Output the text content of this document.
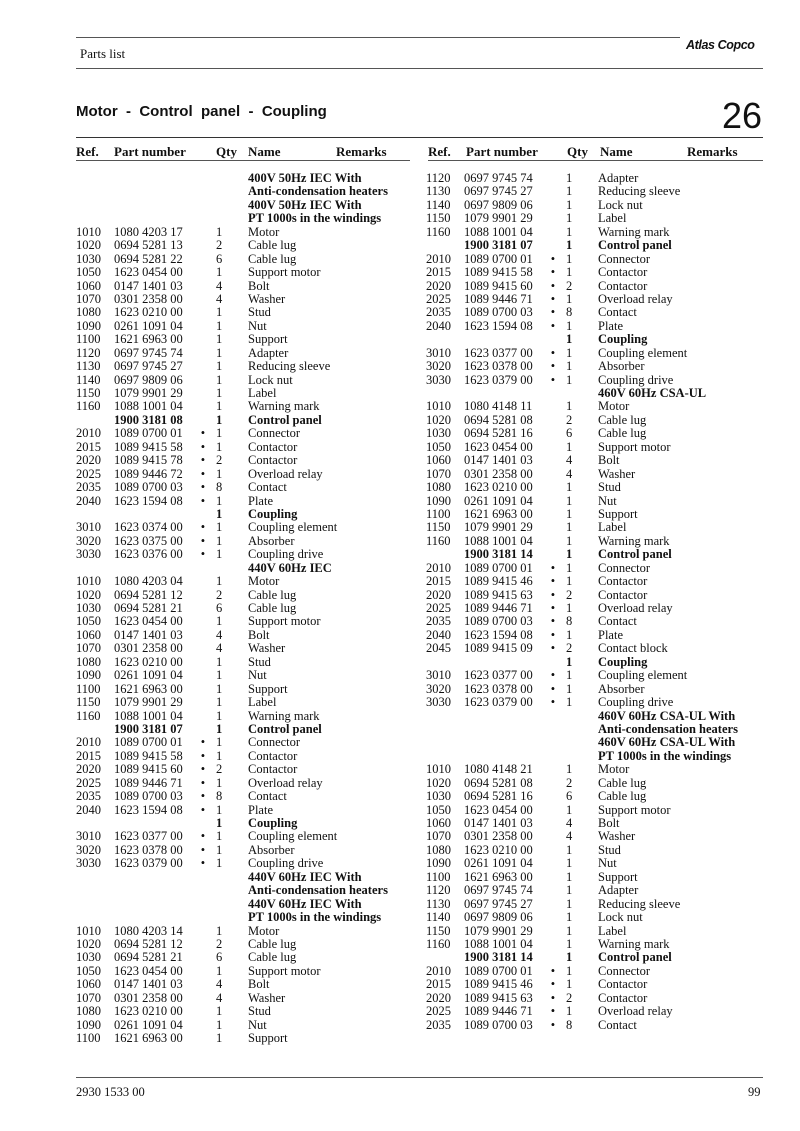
Parts list
Atlas Copco
Motor  -  Control  panel  -  Coupling	26
Ref. Part number Qty Name	Remarks	Ref. Part number Qty Name	Remarks
400V 50Hz IEC With
Anti-condensation heaters
400V 50Hz IEC With
PT 1000s in the windings
1010 1080 4203 17	1 Motor
1020 0694 5281 13	2 Cable lug
1030 0694 5281 22	6 Cable lug
1050 1623 0454 00	1 Support motor
1060 0147 1401 03	4 Bolt
1070 0301 2358 00	4 Washer
1080 1623 0210 00	1 Stud
1090 0261 1091 04	1 Nut
1100 1621 6963 00	1 Support
1120 0697 9745 74	1 Adapter
1130 0697 9745 27	1 Reducing sleeve
1140 0697 9809 06	1 Lock nut
1150 1079 9901 29	1 Label
1160 1088 1001 04	1 Warning mark
1900 3181 08	1 Control panel
2010 1089 0700 01 • 1 Connector
2015 1089 9415 58 • 1 Contactor
2020 1089 9415 78 • 2 Contactor
2025 1089 9446 72 • 1 Overload relay
2035 1089 0700 03 • 8 Contact
2040 1623 1594 08 • 1 Plate
1 Coupling
3010 1623 0374 00 • 1 Coupling element
3020 1623 0375 00 • 1 Absorber
3030 1623 0376 00 • 1 Coupling drive
440V 60Hz IEC
1010 1080 4203 04	1 Motor
1020 0694 5281 12	2 Cable lug
1030 0694 5281 21	6 Cable lug
1050 1623 0454 00	1 Support motor
1060 0147 1401 03	4 Bolt
1070 0301 2358 00	4 Washer
1080 1623 0210 00	1 Stud
1090 0261 1091 04	1 Nut
1100 1621 6963 00	1 Support
1150 1079 9901 29	1 Label
1160 1088 1001 04	1 Warning mark
1900 3181 07	1 Control panel
2010 1089 0700 01 • 1 Connector
2015 1089 9415 58 • 1 Contactor
2020 1089 9415 60 • 2 Contactor
2025 1089 9446 71 • 1 Overload relay
2035 1089 0700 03 • 8 Contact
2040 1623 1594 08 • 1 Plate
1 Coupling
3010 1623 0377 00 • 1 Coupling element
3020 1623 0378 00 • 1 Absorber
3030 1623 0379 00 • 1 Coupling drive
440V 60Hz IEC With
Anti-condensation heaters
440V 60Hz IEC With
PT 1000s in the windings
1010 1080 4203 14	1 Motor
1020 0694 5281 12	2 Cable lug
1030 0694 5281 21	6 Cable lug
1050 1623 0454 00	1 Support motor
1060 0147 1401 03	4 Bolt
1070 0301 2358 00	4 Washer
1080 1623 0210 00	1 Stud
1090 0261 1091 04	1 Nut
1100 1621 6963 00	1 Support
1120 0697 9745 74	1 Adapter
1130 0697 9745 27	1 Reducing sleeve
1140 0697 9809 06	1 Lock nut
1150 1079 9901 29	1 Label
1160 1088 1001 04	1 Warning mark
1900 3181 07	1 Control panel
2010 1089 0700 01 • 1 Connector
2015 1089 9415 58 • 1 Contactor
2020 1089 9415 60 • 2 Contactor
2025 1089 9446 71 • 1 Overload relay
2035 1089 0700 03 • 8 Contact
2040 1623 1594 08 • 1 Plate
1 Coupling
3010 1623 0377 00 • 1 Coupling element
3020 1623 0378 00 • 1 Absorber
3030 1623 0379 00 • 1 Coupling drive
460V 60Hz CSA-UL
1010 1080 4148 11	1 Motor
1020 0694 5281 08	2 Cable lug
1030 0694 5281 16	6 Cable lug
1050 1623 0454 00	1 Support motor
1060 0147 1401 03	4 Bolt
1070 0301 2358 00	4 Washer
1080 1623 0210 00	1 Stud
1090 0261 1091 04	1 Nut
1100 1621 6963 00	1 Support
1150 1079 9901 29	1 Label
1160 1088 1001 04	1 Warning mark
1900 3181 14	1 Control panel
2010 1089 0700 01 • 1 Connector
2015 1089 9415 46 • 1 Contactor
2020 1089 9415 63 • 2 Contactor
2025 1089 9446 71 • 1 Overload relay
2035 1089 0700 03 • 8 Contact
2040 1623 1594 08 • 1 Plate
2045 1089 9415 09 • 2 Contact block
1 Coupling
3010 1623 0377 00 • 1 Coupling element
3020 1623 0378 00 • 1 Absorber
3030 1623 0379 00 • 1 Coupling drive
460V 60Hz CSA-UL With
Anti-condensation heaters
460V 60Hz CSA-UL With
PT 1000s in the windings
1010 1080 4148 21	1 Motor
1020 0694 5281 08	2 Cable lug
1030 0694 5281 16	6 Cable lug
1050 1623 0454 00	1 Support motor
1060 0147 1401 03	4 Bolt
1070 0301 2358 00	4 Washer
1080 1623 0210 00	1 Stud
1090 0261 1091 04	1 Nut
1100 1621 6963 00	1 Support
1120 0697 9745 74	1 Adapter
1130 0697 9745 27	1 Reducing sleeve
1140 0697 9809 06	1 Lock nut
1150 1079 9901 29	1 Label
1160 1088 1001 04	1 Warning mark
1900 3181 14	1 Control panel
2010 1089 0700 01 • 1 Connector
2015 1089 9415 46 • 1 Contactor
2020 1089 9415 63 • 2 Contactor
2025 1089 9446 71 • 1 Overload relay
2035 1089 0700 03 • 8 Contact
2930 1533 00	99
